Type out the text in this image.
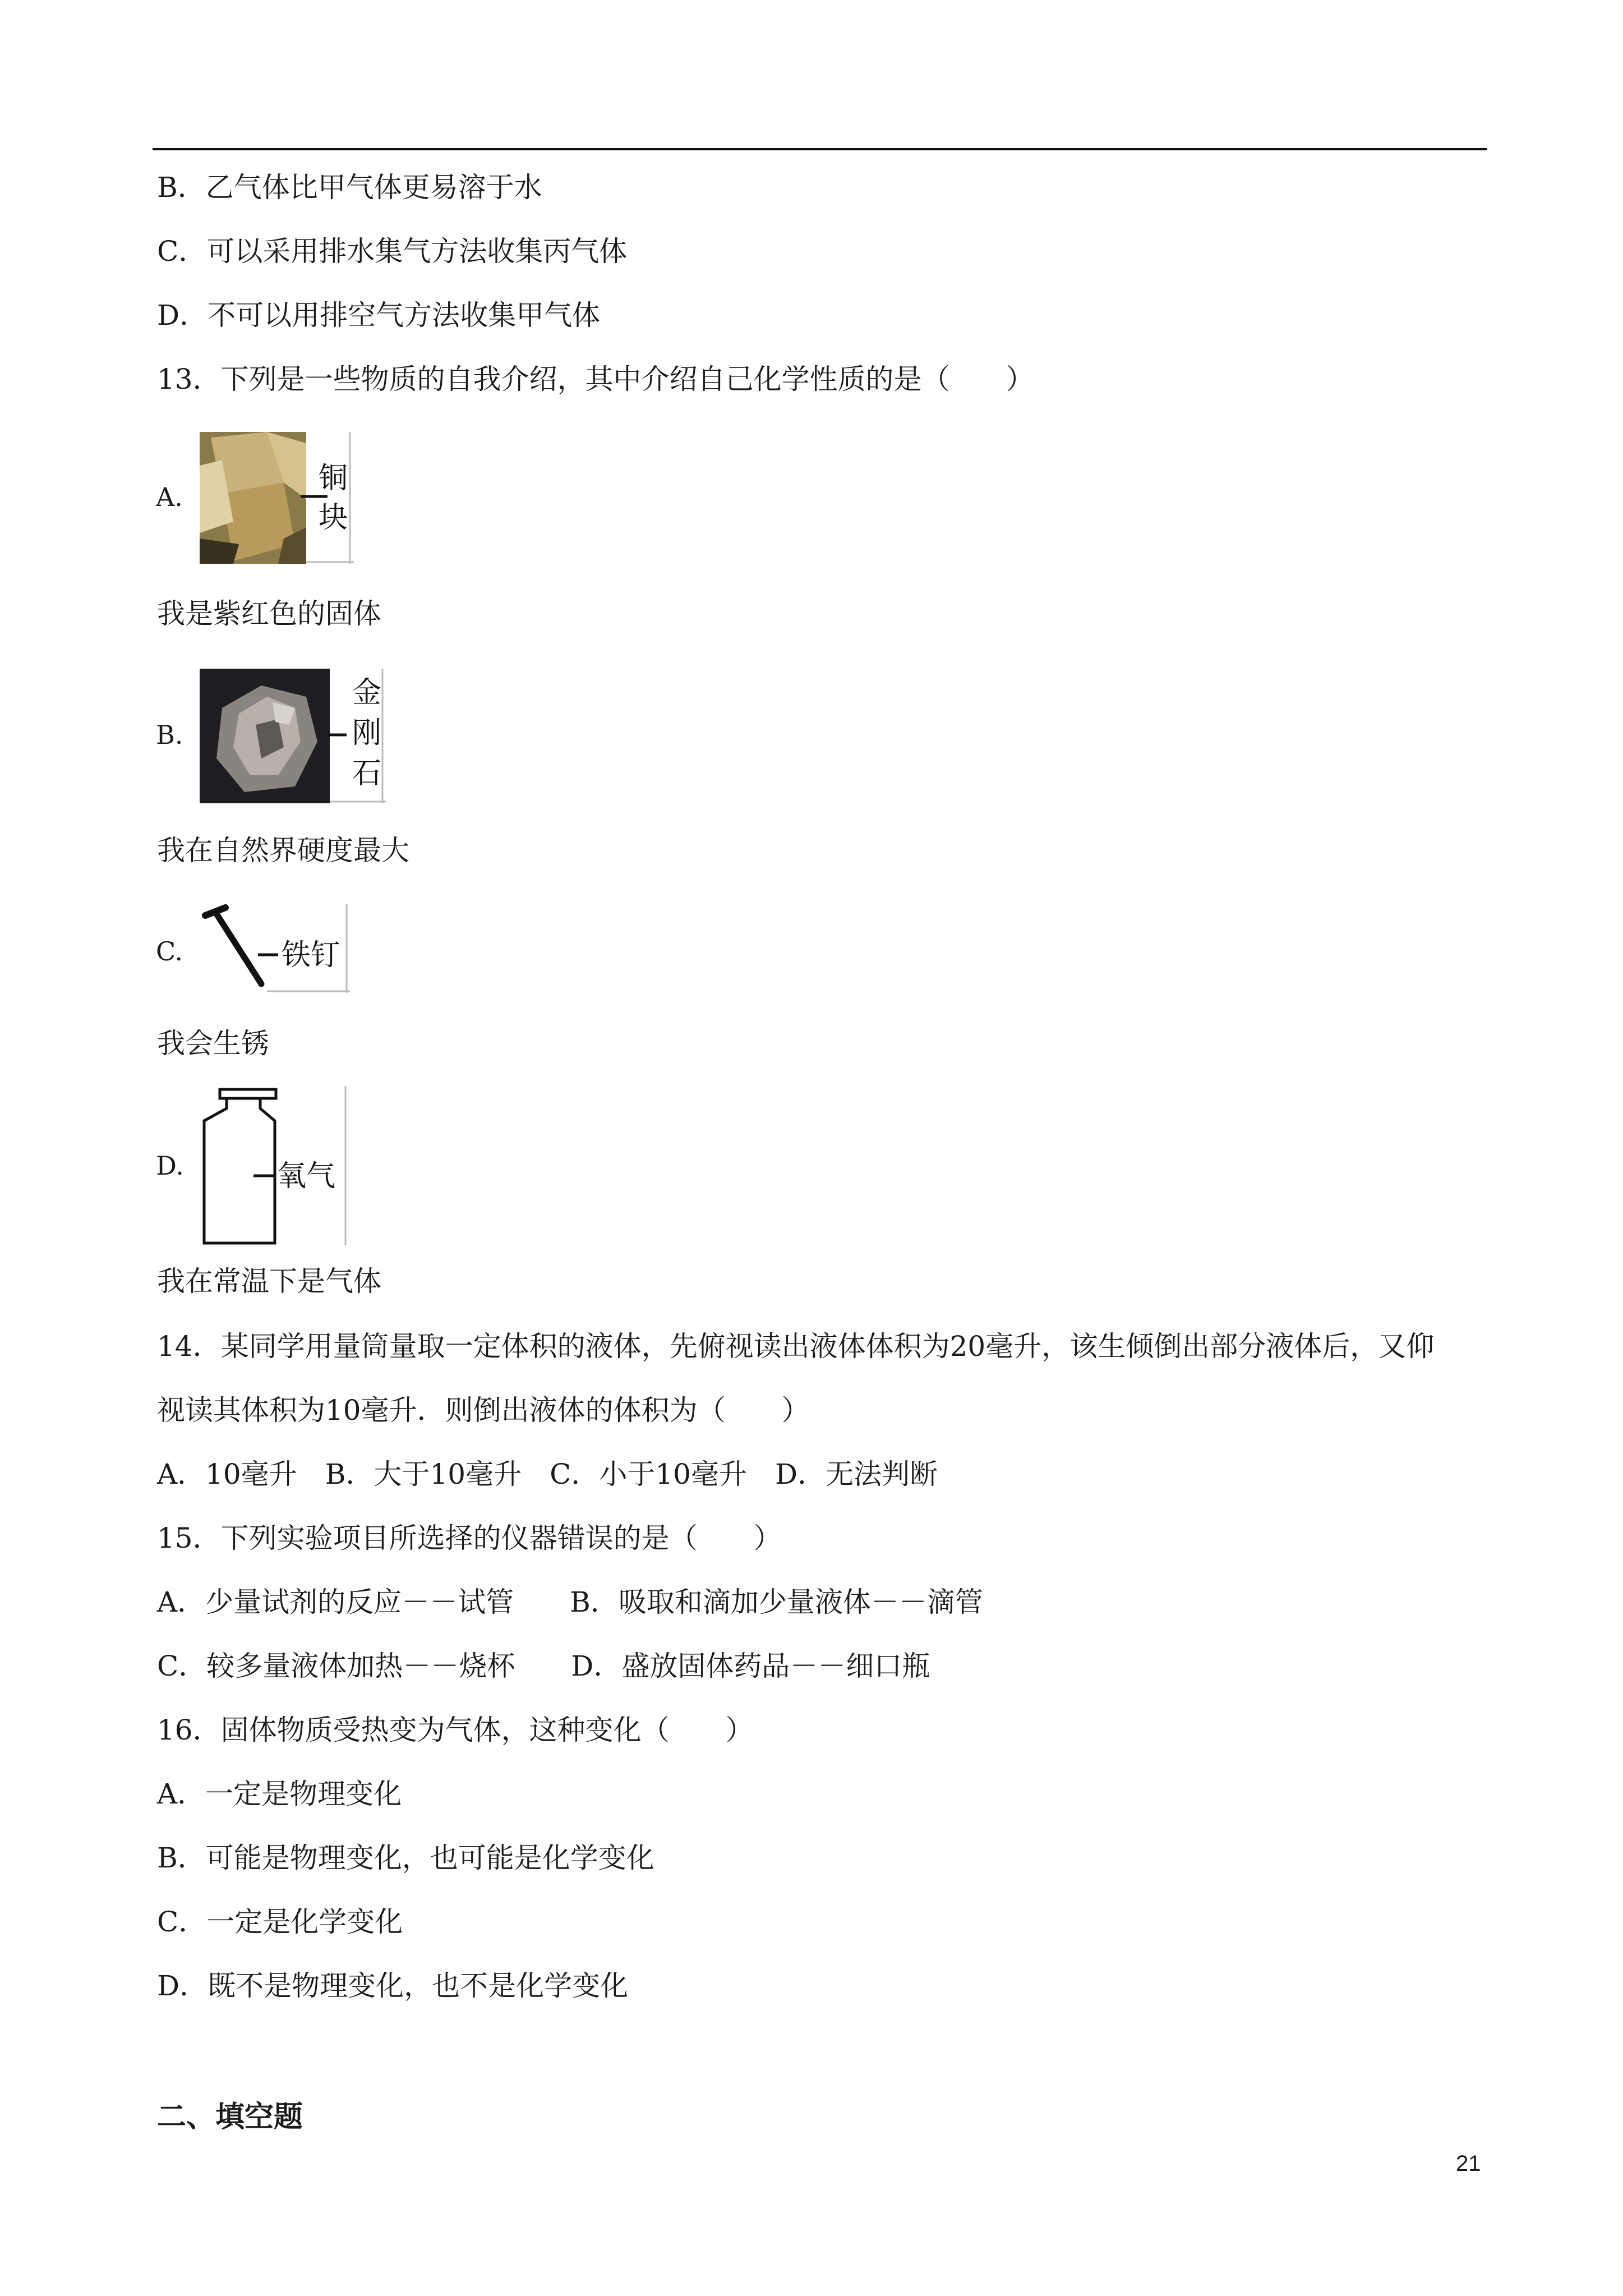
B．乙气体比甲气体更易溶于水
C．可以采用排水集气方法收集丙气体
D．不可以用排空气方法收集甲气体
13．下列是一些物质的自我介绍，其中介绍自己化学性质的是（　　）
A.
铜
块
我是紫红色的固体
B.
金
刚
石
我在自然界硬度最大
C.	铁钉
我会生锈
D.	氧气
我在常温下是气体
14．某同学用量筒量取一定体积的液体，先俯视读出液体体积为20毫升，该生倾倒出部分液体后，又仰
视读其体积为10毫升．则倒出液体的体积为（　　）
A．10毫升　B．大于10毫升　C．小于10毫升　D．无法判断
15．下列实验项目所选择的仪器错误的是（　　）
A．少量试剂的反应－－试管　　B．吸取和滴加少量液体－－滴管
C．较多量液体加热－－烧杯　　D．盛放固体药品－－细口瓶
16．固体物质受热变为气体，这种变化（　　）
A．一定是物理变化
B．可能是物理变化，也可能是化学变化
C．一定是化学变化
D．既不是物理变化，也不是化学变化
二、填空题
21
